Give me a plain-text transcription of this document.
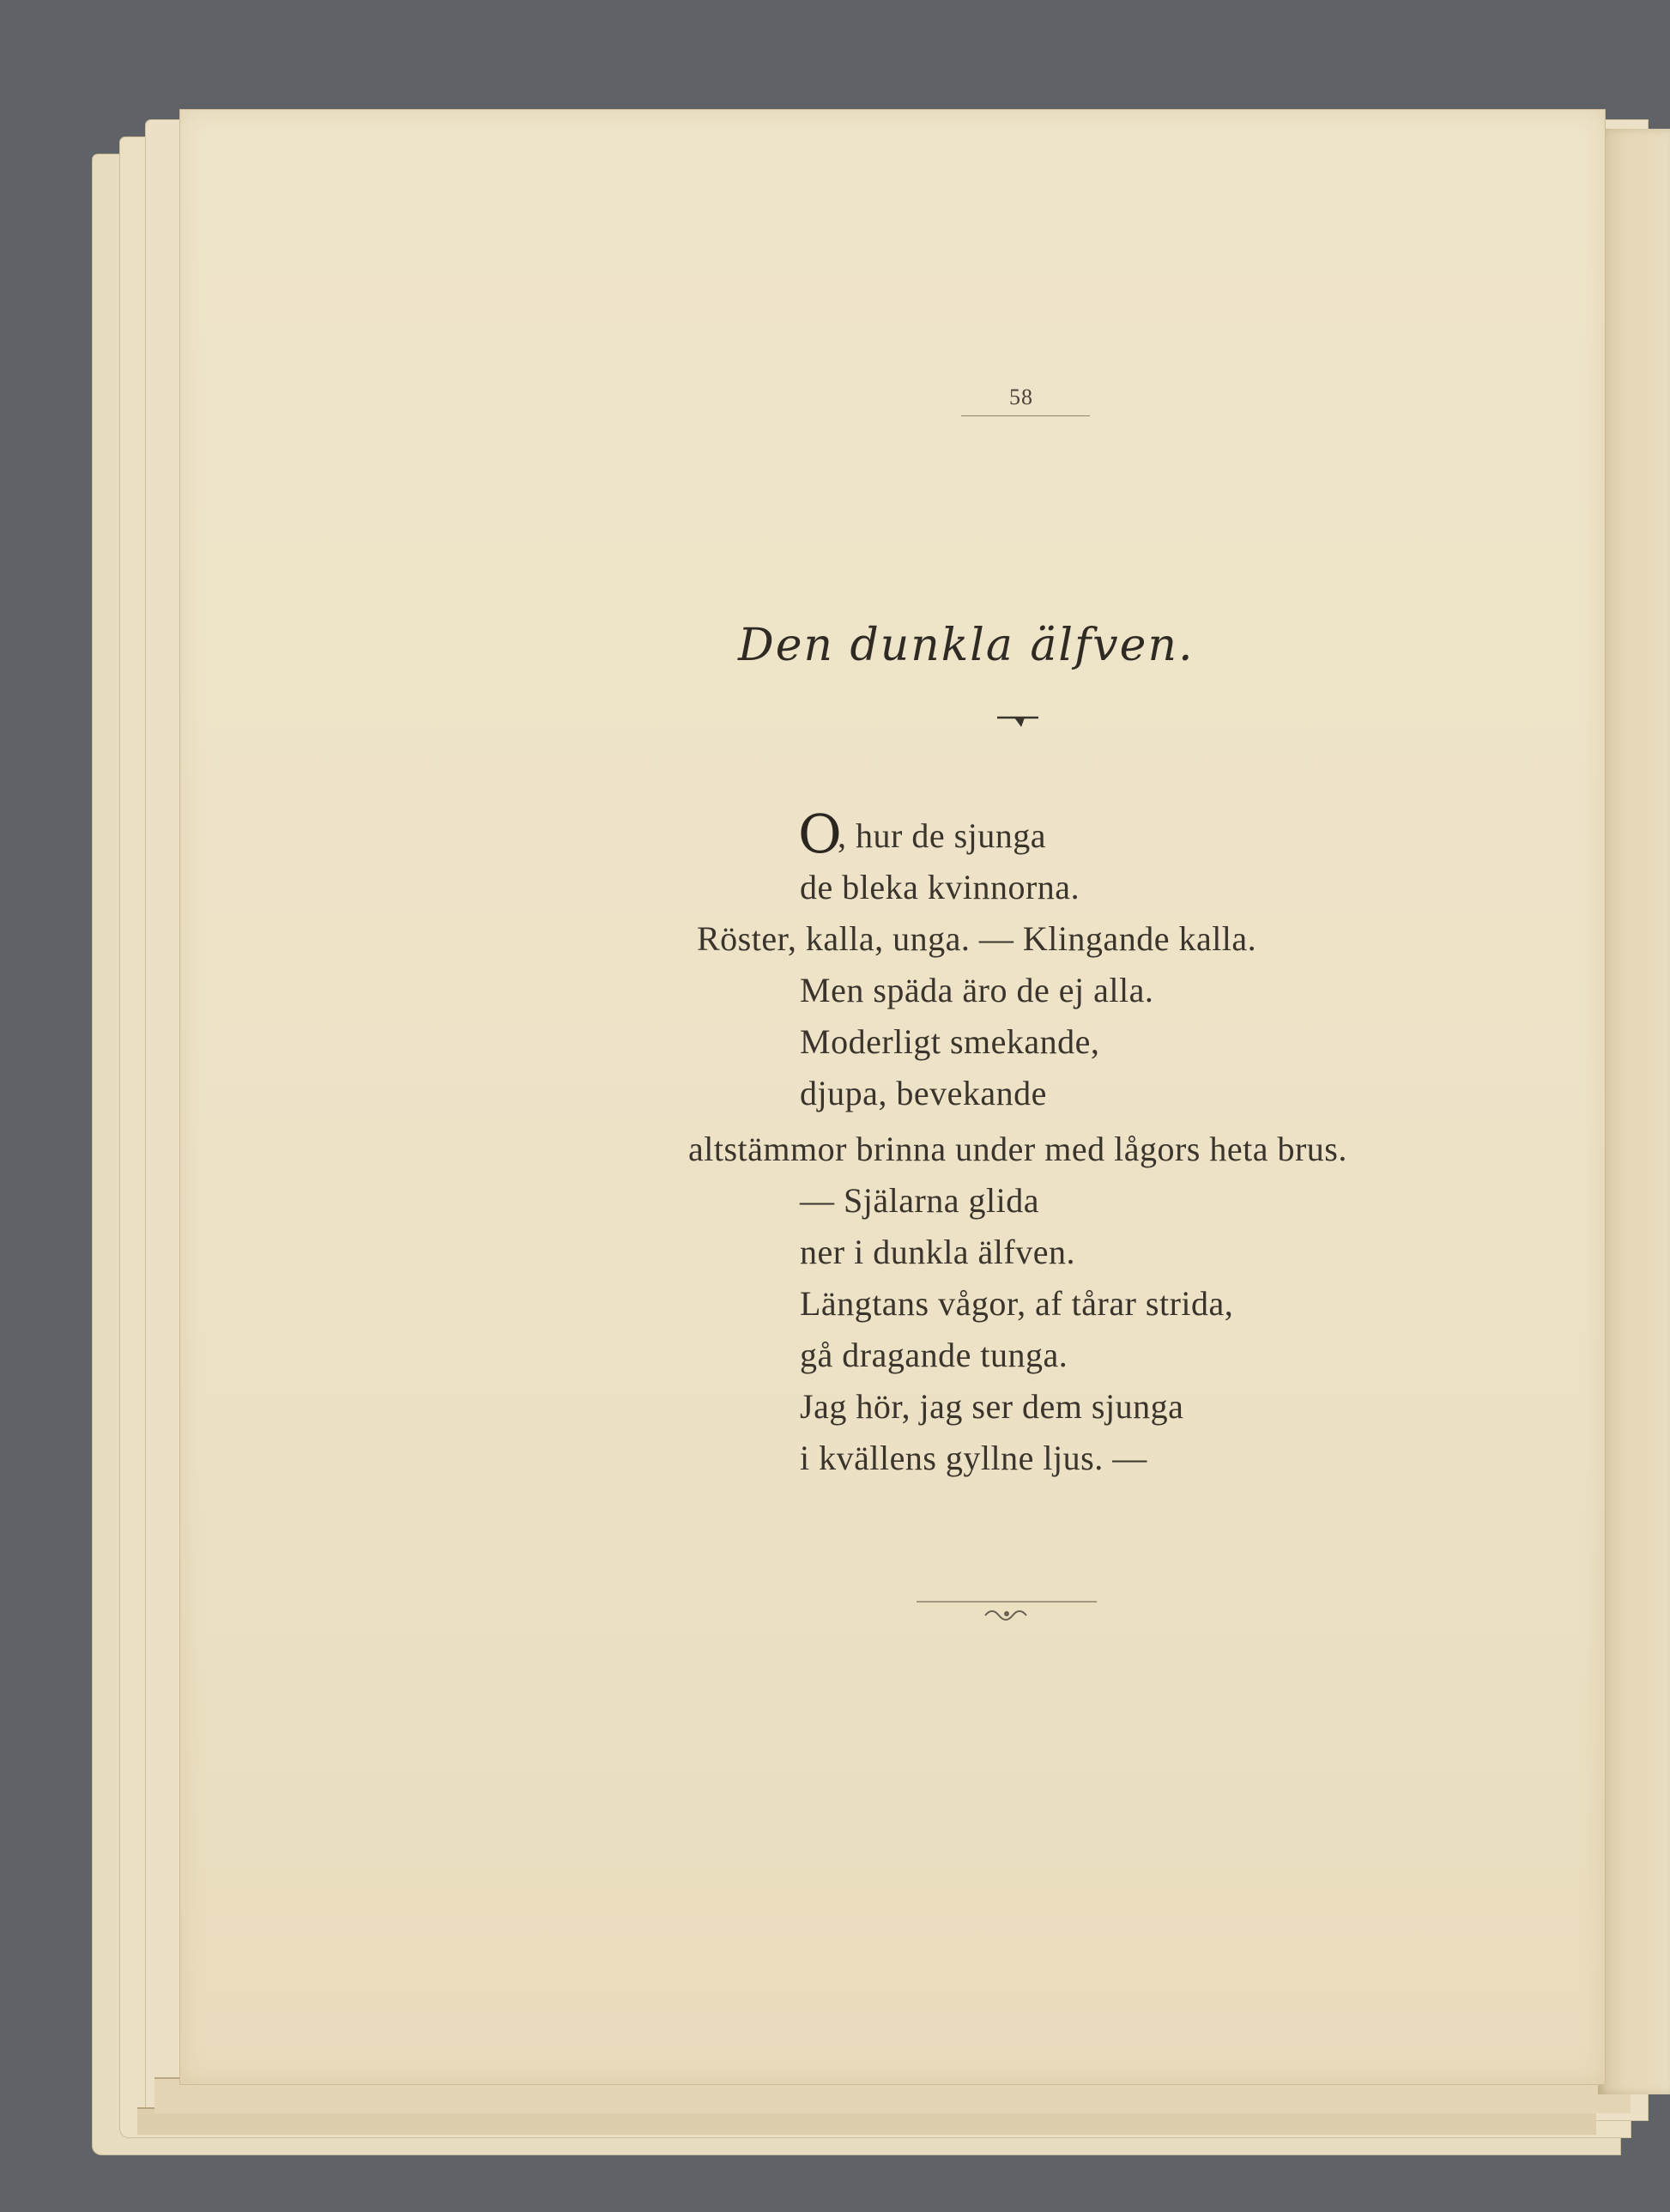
58
Den dunkla älfven.
O
, hur de sjunga
de bleka kvinnorna.
Röster, kalla, unga. — Klingande kalla.
Men späda äro de ej alla.
Moderligt smekande,
djupa, bevekande
altstämmor brinna under med lågors heta brus.
— Själarna glida
ner i dunkla älfven.
Längtans vågor, af tårar strida,
gå dragande tunga.
Jag hör, jag ser dem sjunga
i kvällens gyllne ljus. —
